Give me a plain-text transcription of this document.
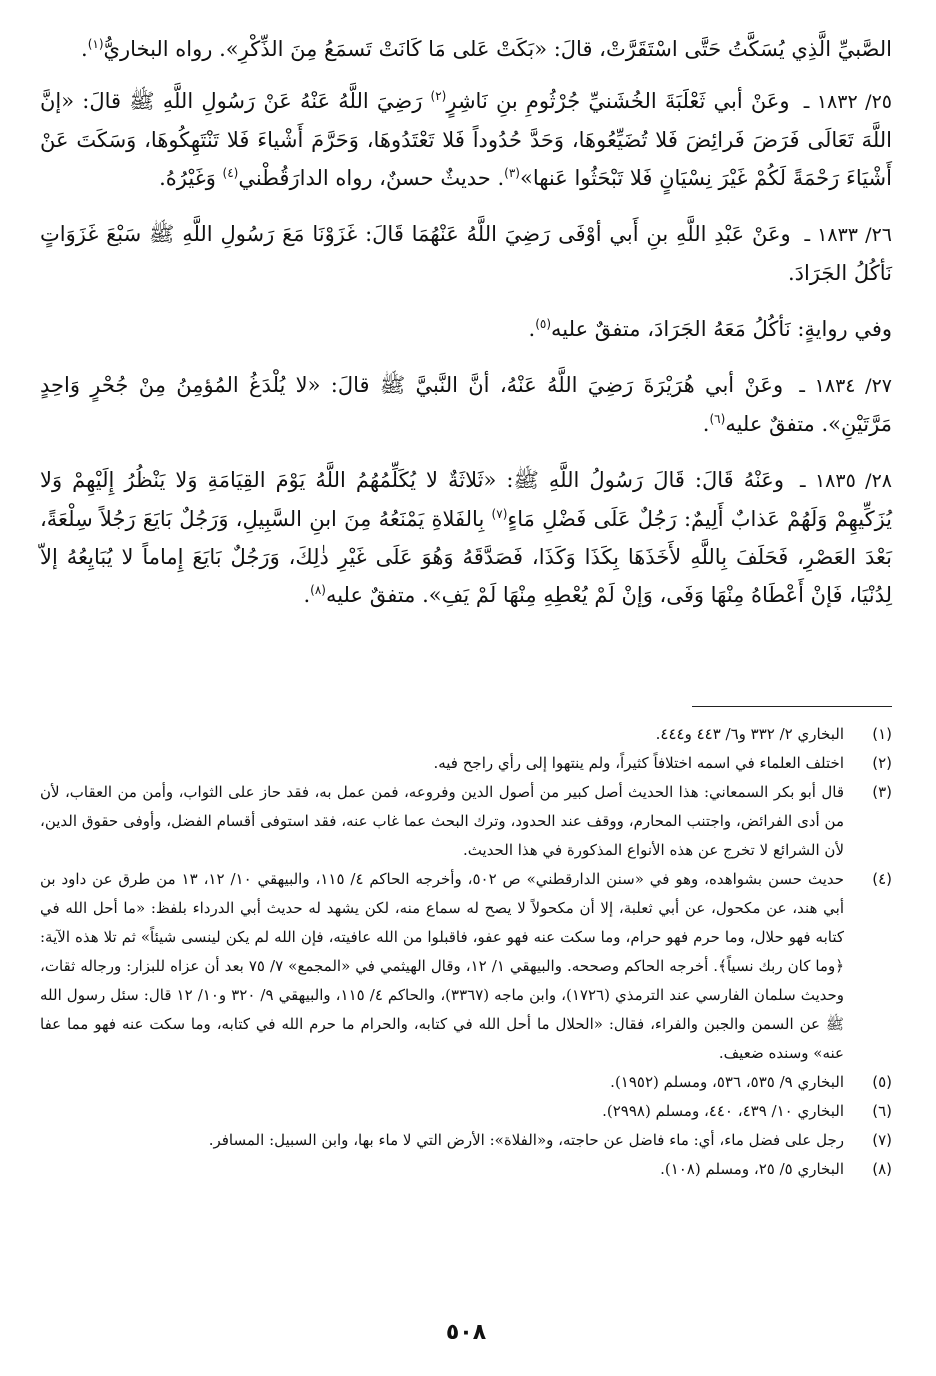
الصَّبيِّ الَّذِي يُسَكَّتُ حَتَّى اسْتَقَرَّتْ، قالَ: «بَكَتْ عَلى مَا كَانَتْ تَسمَعُ مِنَ الذِّكْرِ». رواه البخاريُّ$^{(١)}$.

٢٥/ ١٨٣٢ ـ وعَنْ أبي ثَعْلَبَةَ الخُشَنيِّ جُرْثُومِ بنِ نَاشِرٍ$^{(٢)}$ رَضِيَ اللَّهُ عَنْهُ عَنْ رَسُولِ اللَّهِ ﷺ قالَ: «إنَّ اللَّهَ تَعَالَى فَرَضَ فَرائِضَ فَلا تُضَيِّعُوهَا، وَحَدَّ حُدُوداً فَلا تَعْتَدُوهَا، وَحَرَّمَ أَشْياءَ فَلا تَنْتَهِكُوهَا، وَسَكَتَ عَنْ أَشْيَاءَ رَحْمَةً لَكُمْ غَيْرَ نِسْيَانٍ فَلا تَبْحَثُوا عَنها»$^{(٣)}$. حديثٌ حسنٌ، رواه الدارَقُطْني$^{(٤)}$ وَغَيْرُهُ.

٢٦/ ١٨٣٣ ـ وعَنْ عَبْدِ اللَّهِ بنِ أَبي أوْفَى رَضِيَ اللَّهُ عَنْهُمَا قَالَ: غَزَوْنَا مَعَ رَسُولِ اللَّهِ ﷺ سَبْعَ غَزَوَاتٍ نَأكُلُ الجَرَادَ.

وفي روايةٍ: نَأكُلُ مَعَهُ الجَرَادَ، متفقٌ عليه$^{(٥)}$.

٢٧/ ١٨٣٤ ـ وعَنْ أبي هُرَيْرَةَ رَضِيَ اللَّهُ عَنْهُ، أنَّ النَّبيَّ ﷺ قالَ: «لا يُلْدَغُ المُؤمِنُ مِنْ جُحْرٍ وَاحِدٍ مَرَّتَيْنِ». متفقٌ عليه$^{(٦)}$.

٢٨/ ١٨٣٥ ـ وعَنْهُ قَالَ: قَالَ رَسُولُ اللَّهِ ﷺ: «ثَلاثَةٌ لا يُكَلِّمُهُمُ اللَّهُ يَوْمَ القِيَامَةِ وَلا يَنْظُرُ إِلَيْهِمْ وَلا يُزَكِّيهِمْ وَلَهُمْ عَذابٌ أَلِيمٌ: رَجُلٌ عَلَى فَضْلِ مَاءٍ$^{(٧)}$ بِالفَلاةِ يَمْنَعُهُ مِنَ ابنِ السَّبِيلِ، وَرَجُلٌ بَايَعَ رَجُلاً سِلْعَةً، بَعْدَ العَصْرِ، فَحَلَفَ بِاللَّهِ لأَخَذَهَا بِكَذَا وَكَذَا، فَصَدَّقَهُ وَهُوَ عَلَى غَيْرِ ذٰلِكَ، وَرَجُلٌ بَايَعَ إِماماً لا يُبَايِعُهُ إلاّ لِدُنْيَا، فَإنْ أَعْطَاهُ مِنْهَا وَفَى، وَإنْ لَمْ يُعْطِهِ مِنْهَا لَمْ يَفِ». متفقٌ عليه$^{(٨)}$.

(١)
البخاري ٢/ ٣٣٢ و٦/ ٤٤٣ و٤٤٤.
(٢)
اختلف العلماء في اسمه اختلافاً كثيراً، ولم ينتهوا إلى رأي راجح فيه.
(٣)
قال أبو بكر السمعاني: هذا الحديث أصل كبير من أصول الدين وفروعه، فمن عمل به، فقد حاز على الثواب، وأمن من العقاب، لأن من أدى الفرائض، واجتنب المحارم، ووقف عند الحدود، وترك البحث عما غاب عنه، فقد استوفى أقسام الفضل، وأوفى حقوق الدين، لأن الشرائع لا تخرج عن هذه الأنواع المذكورة في هذا الحديث.
(٤)
حديث حسن بشواهده، وهو في «سنن الدارقطني» ص ٥٠٢، وأخرجه الحاكم ٤/ ١١٥، والبيهقي ١٠/ ١٢، ١٣ من طرق عن داود بن أبي هند، عن مكحول، عن أبي ثعلبة، إلا أن مكحولاً لا يصح له سماع منه، لكن يشهد له حديث أبي الدرداء بلفظ: «ما أحل الله في كتابه فهو حلال، وما حرم فهو حرام، وما سكت عنه فهو عفو، فاقبلوا من الله عافيته، فإن الله لم يكن لينسى شيئاً» ثم تلا هذه الآية: ﴿وما كان ربك نسياً﴾. أخرجه الحاكم وصححه. والبيهقي ١/ ١٢، وقال الهيثمي في «المجمع» ٧/ ٧٥ بعد أن عزاه للبزار: ورجاله ثقات، وحديث سلمان الفارسي عند الترمذي (١٧٢٦)، وابن ماجه (٣٣٦٧)، والحاكم ٤/ ١١٥، والبيهقي ٩/ ٣٢٠ و١٠/ ١٢ قال: سئل رسول الله ﷺ عن السمن والجبن والفراء، فقال: «الحلال ما أحل الله في كتابه، والحرام ما حرم الله في كتابه، وما سكت عنه فهو مما عفا عنه» وسنده ضعيف.
(٥)
البخاري ٩/ ٥٣٥، ٥٣٦، ومسلم (١٩٥٢).
(٦)
البخاري ١٠/ ٤٣٩، ٤٤٠، ومسلم (٢٩٩٨).
(٧)
رجل على فضل ماء، أي: ماء فاضل عن حاجته، و«الفلاة»: الأرض التي لا ماء بها، وابن السبيل: المسافر.
(٨)
البخاري ٥/ ٢٥، ومسلم (١٠٨).
٥٠٨
